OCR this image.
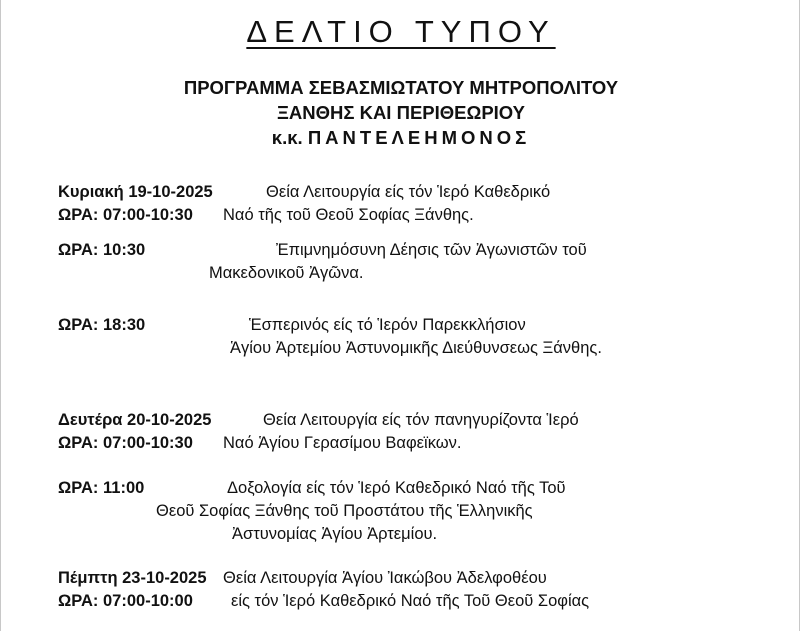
ΔΕΛΤΙΟ ΤΥΠΟΥ
ΠΡΟΓΡΑΜΜΑ ΣΕΒΑΣΜΙΩΤΑΤΟΥ ΜΗΤΡΟΠΟΛΙΤΟΥ
ΞΑΝΘΗΣ ΚΑΙ ΠΕΡΙΘΕΩΡΙΟΥ
κ.κ. ΠΑΝΤΕΛΕΗΜΟΝΟΣ
Κυριακή 19-10-2025	Θεία Λειτουργία είς τόν Ἱερό Καθεδρικό
ΩΡΑ: 07:00-10:30 Ναό τῆς τοῦ Θεοῦ Σοφίας Ξάνθης.
ΩΡΑ: 10:30	Ἐπιμνημόσυνη Δέησις τῶν Ἀγωνιστῶν τοῦ
Μακεδονικοῦ Ἀγῶνα.
ΩΡΑ: 18:30	Ἑσπερινός είς τό Ἱερόν Παρεκκλήσιον
Ἁγίου Ἀρτεμίου Ἀστυνομικῆς Διεύθυνσεως Ξάνθης.
Δευτέρα 20-10-2025	Θεία Λειτουργία είς τόν πανηγυρίζοντα Ἱερό
ΩΡΑ: 07:00-10:30 Ναό Ἁγίου Γερασίμου Βαφεϊκων.
ΩΡΑ: 11:00	Δοξολογία είς τόν Ἱερό Καθεδρικό Ναό τῆς Τοῦ
Θεοῦ Σοφίας Ξάνθης τοῦ Προστάτου τῆς Ἑλληνικῆς
Ἀστυνομίας Ἁγίου Ἀρτεμίου.
Πέμπτη 23-10-2025 Θεία Λειτουργία Ἁγίου Ἰακώβου Ἀδελφοθέου
ΩΡΑ: 07:00-10:00 είς τόν Ἱερό Καθεδρικό Ναό τῆς Τοῦ Θεοῦ Σοφίας
